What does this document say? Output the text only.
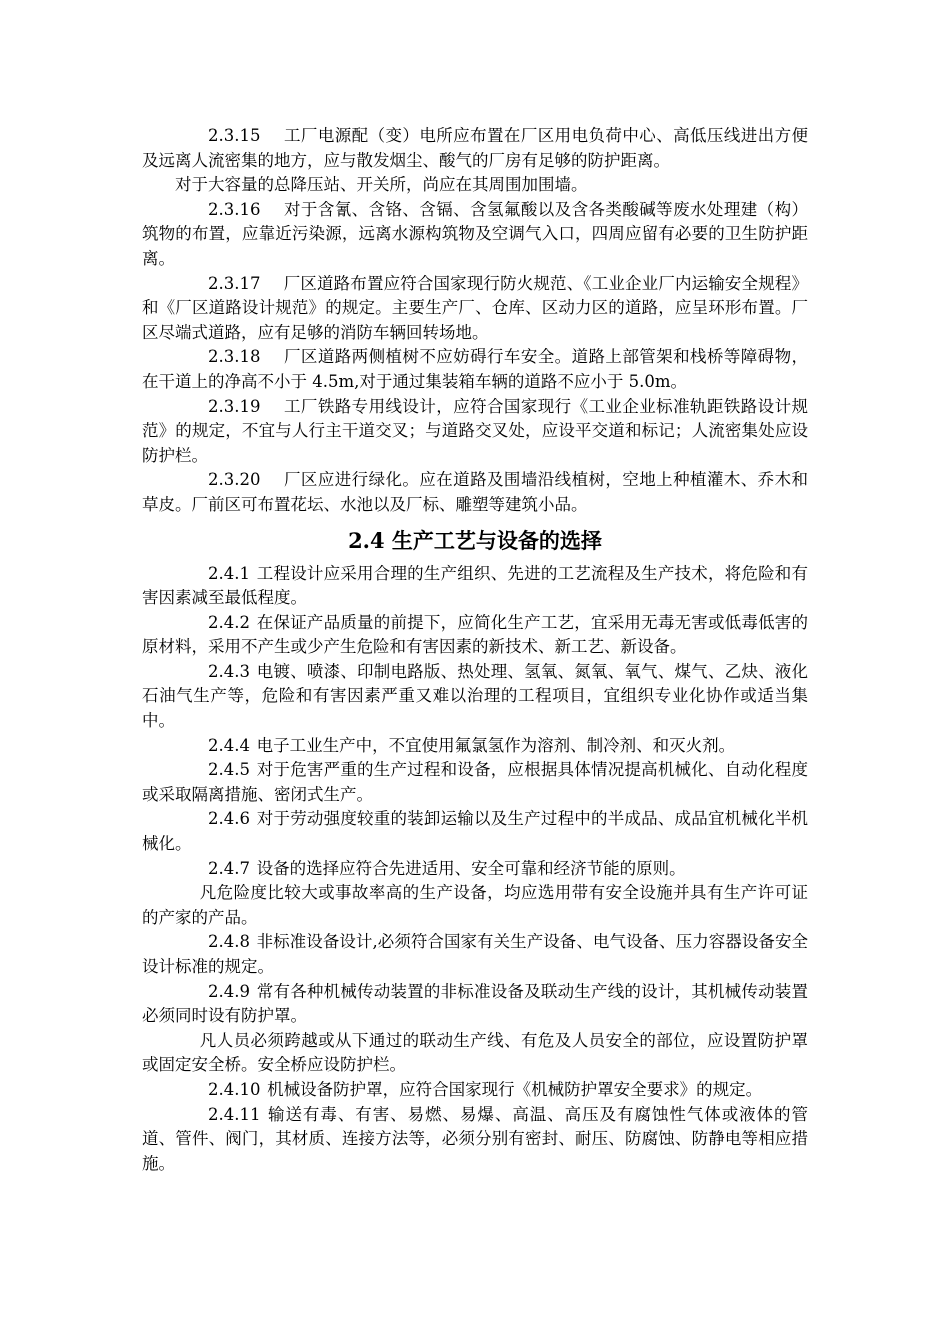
2.3.15 工厂电源配（变）电所应布置在厂区用电负荷中心、高低压线进出方便及远离人流密集的地方，应与散发烟尘、酸气的厂房有足够的防护距离。

对于大容量的总降压站、开关所，尚应在其周围加围墙。

2.3.16 对于含氰、含铬、含镉、含氢氟酸以及含各类酸碱等废水处理建（构）筑物的布置，应靠近污染源，远离水源构筑物及空调气入口，四周应留有必要的卫生防护距离。

2.3.17 厂区道路布置应符合国家现行防火规范、《工业企业厂内运输安全规程》和《厂区道路设计规范》的规定。主要生产厂、仓库、区动力区的道路，应呈环形布置。厂区尽端式道路，应有足够的消防车辆回转场地。

2.3.18 厂区道路两侧植树不应妨碍行车安全。道路上部管架和栈桥等障碍物，在干道上的净高不小于 4.5m,对于通过集装箱车辆的道路不应小于 5.0m。

2.3.19 工厂铁路专用线设计，应符合国家现行《工业企业标准轨距铁路设计规范》的规定，不宜与人行主干道交叉；与道路交叉处，应设平交道和标记；人流密集处应设防护栏。

2.3.20 厂区应进行绿化。应在道路及围墙沿线植树，空地上种植灌木、乔木和草皮。厂前区可布置花坛、水池以及厂标、雕塑等建筑小品。

2.4 生产工艺与设备的选择

2.4.1 工程设计应采用合理的生产组织、先进的工艺流程及生产技术，将危险和有害因素减至最低程度。

2.4.2 在保证产品质量的前提下，应简化生产工艺，宜采用无毒无害或低毒低害的原材料，采用不产生或少产生危险和有害因素的新技术、新工艺、新设备。

2.4.3 电镀、喷漆、印制电路版、热处理、氢氧、氮氧、氧气、煤气、乙炔、液化石油气生产等，危险和有害因素严重又难以治理的工程项目，宜组织专业化协作或适当集中。

2.4.4 电子工业生产中，不宜使用氟氯氢作为溶剂、制冷剂、和灭火剂。

2.4.5 对于危害严重的生产过程和设备，应根据具体情况提高机械化、自动化程度或采取隔离措施、密闭式生产。

2.4.6 对于劳动强度较重的装卸运输以及生产过程中的半成品、成品宜机械化半机械化。

2.4.7 设备的选择应符合先进适用、安全可靠和经济节能的原则。

凡危险度比较大或事故率高的生产设备，均应选用带有安全设施并具有生产许可证的产家的产品。

2.4.8 非标准设备设计,必须符合国家有关生产设备、电气设备、压力容器设备安全设计标准的规定。

2.4.9 常有各种机械传动装置的非标准设备及联动生产线的设计，其机械传动装置必须同时设有防护罩。

凡人员必须跨越或从下通过的联动生产线、有危及人员安全的部位，应设置防护罩或固定安全桥。安全桥应设防护栏。

2.4.10 机械设备防护罩，应符合国家现行《机械防护罩安全要求》的规定。

2.4.11 输送有毒、有害、易燃、易爆、高温、高压及有腐蚀性气体或液体的管道、管件、阀门，其材质、连接方法等，必须分别有密封、耐压、防腐蚀、防静电等相应措施。
